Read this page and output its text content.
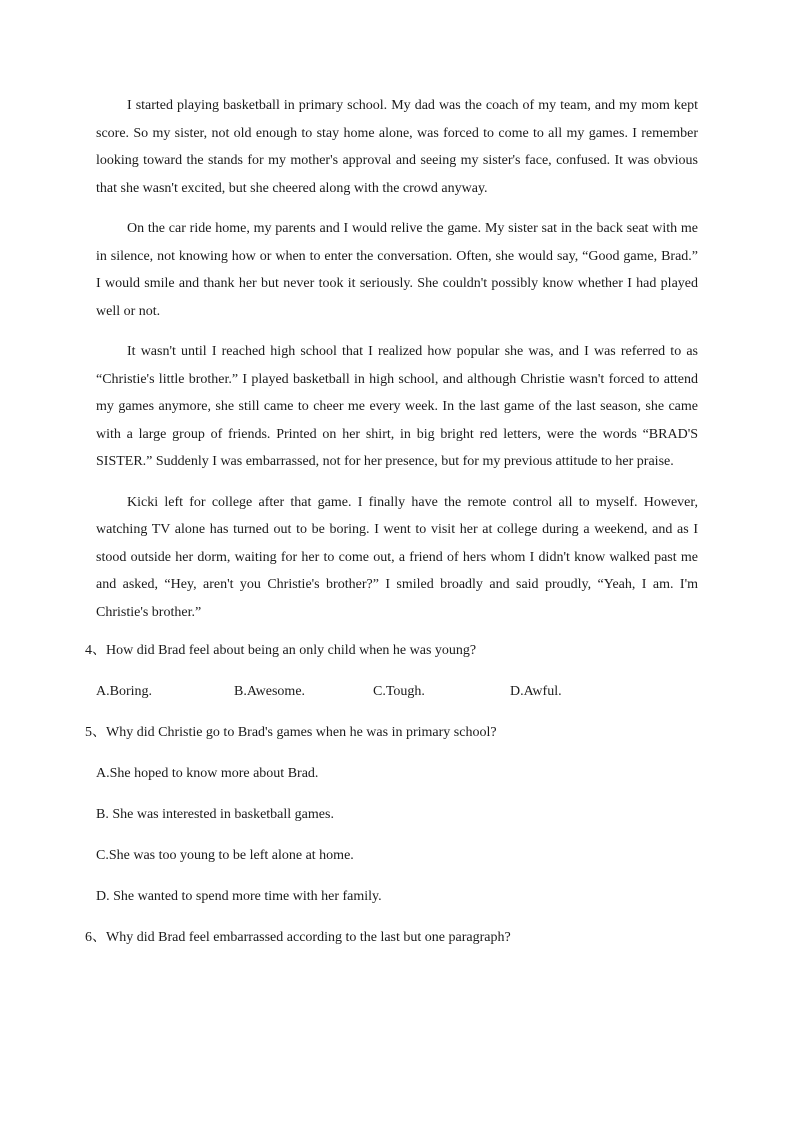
I started playing basketball in primary school. My dad was the coach of my team, and my mom kept score. So my sister, not old enough to stay home alone, was forced to come to all my games. I remember looking toward the stands for my mother's approval and seeing my sister's face, confused. It was obvious that she wasn't excited, but she cheered along with the crowd anyway.

On the car ride home, my parents and I would relive the game. My sister sat in the back seat with me in silence, not knowing how or when to enter the conversation. Often, she would say, “Good game, Brad.” I would smile and thank her but never took it seriously. She couldn't possibly know whether I had played well or not.

It wasn't until I reached high school that I realized how popular she was, and I was referred to as “Christie's little brother.” I played basketball in high school, and although Christie wasn't forced to attend my games anymore, she still came to cheer me every week. In the last game of the last season, she came with a large group of friends. Printed on her shirt, in big bright red letters, were the words “BRAD'S SISTER.” Suddenly I was embarrassed, not for her presence, but for my previous attitude to her praise.

Kicki left for college after that game. I finally have the remote control all to myself. However, watching TV alone has turned out to be boring. I went to visit her at college during a weekend, and as I stood outside her dorm, waiting for her to come out, a friend of hers whom I didn't know walked past me and asked, “Hey, aren't you Christie's brother?” I smiled broadly and said proudly, “Yeah, I am. I'm Christie's brother.”

4、How did Brad feel about being an only child when he was young?
A.Boring.	B.Awesome.	C.Tough.	D.Awful.
5、Why did Christie go to Brad's games when he was in primary school?
A.She hoped to know more about Brad.
B. She was interested in basketball games.
C.She was too young to be left alone at home.
D. She wanted to spend more time with her family.
6、Why did Brad feel embarrassed according to the last but one paragraph?
